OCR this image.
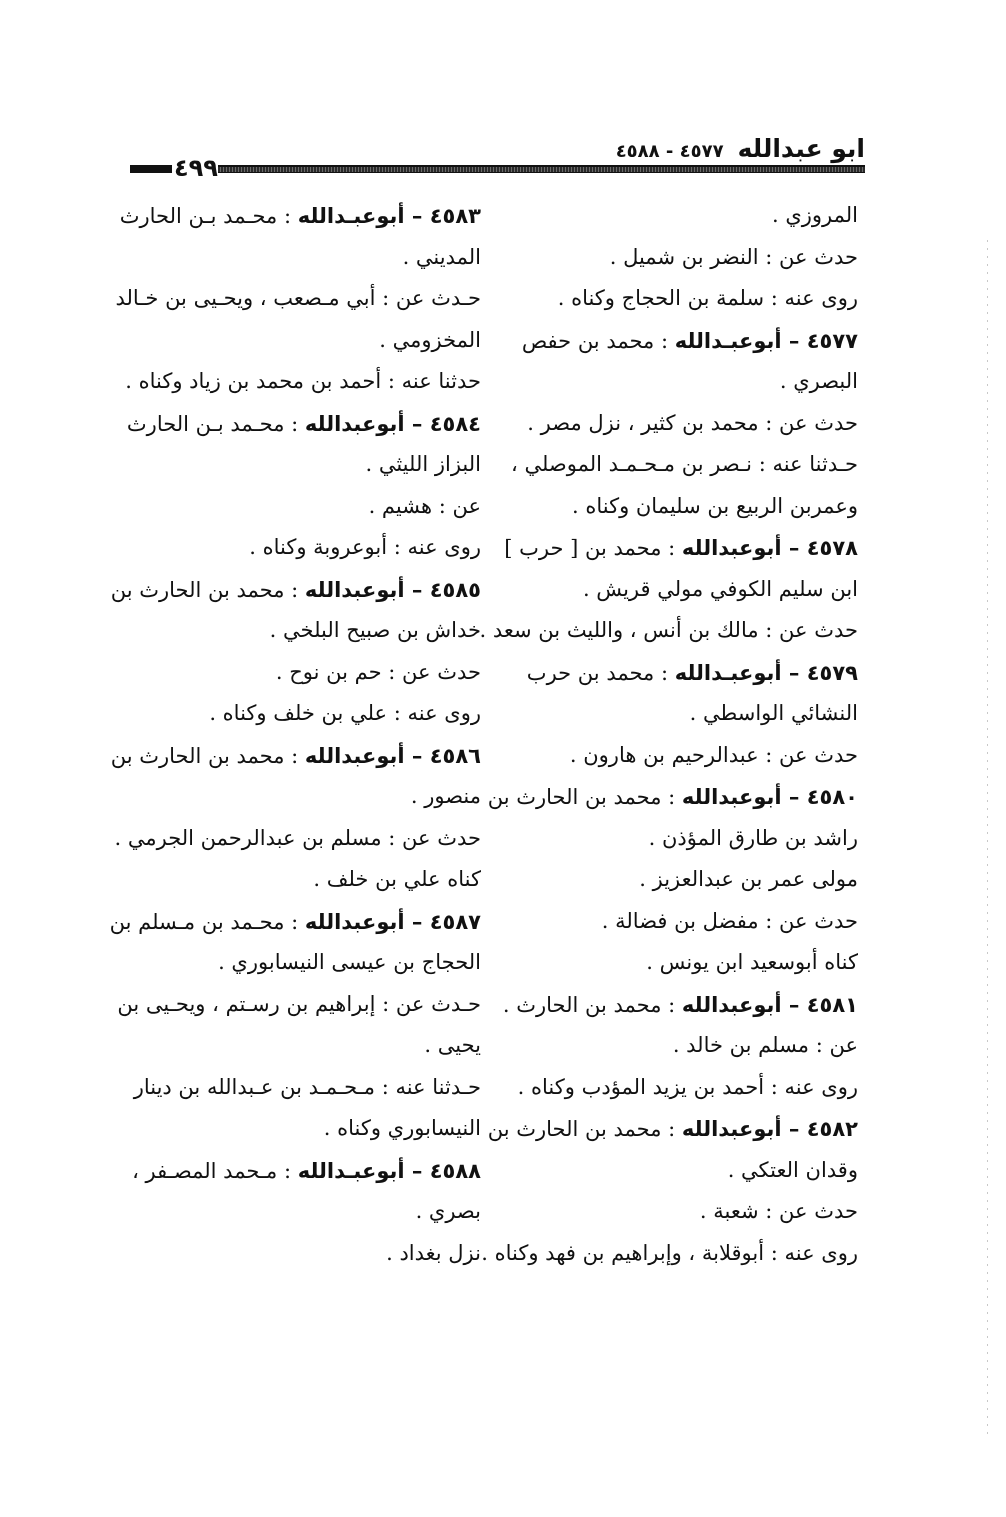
ابو عبدالله
٤٥٧٧ - ٤٥٨٨
٤٩٩
المروزي .
حدث عن : النضر بن شميل .
روى عنه : سلمة بن الحجاج وكناه .
٤٥٧٧ – أبوعبـدالله : محمد بن حفص
البصري .
حدث عن : محمد بن كثير ، نزل مصر .
حـدثنا عنه : نـصر بن مـحـمـد الموصلي ،
وعمربن الربيع بن سليمان وكناه .
٤٥٧٨ – أبوعبدالله : محمد بن [ حرب ]
ابن سليم الكوفي مولي قريش .
حدث عن : مالك بن أنس ، والليث بن سعد .
٤٥٧٩ – أبوعبـدالله : محمد بن حرب
النشائي الواسطي .
حدث عن : عبدالرحيم بن هارون .
٤٥٨٠ – أبوعبدالله : محمد بن الحارث بن
راشد بن طارق المؤذن .
مولى عمر بن عبدالعزيز .
حدث عن : مفضل بن فضالة .
كناه أبوسعيد ابن يونس .
٤٥٨١ – أبوعبدالله : محمد بن الحارث .
عن : مسلم بن خالد .
روى عنه : أحمد بن يزيد المؤدب وكناه .
٤٥٨٢ – أبوعبدالله : محمد بن الحارث بن
وقدان العتكي .
حدث عن : شعبة .
روى عنه : أبوقلابة ، وإبراهيم بن فهد وكناه .
٤٥٨٣ – أبوعبـدالله : محـمد بـن الحارث
المديني .
حـدث عن : أبي مـصعب ، ويحـيى بن خـالد
المخزومي .
حدثنا عنه : أحمد بن محمد بن زياد وكناه .
٤٥٨٤ – أبوعبدالله : محـمد بـن الحارث
البزاز الليثي .
عن : هشيم .
روى عنه : أبوعروبة وكناه .
٤٥٨٥ – أبوعبدالله : محمد بن الحارث بن
خداش بن صبيح البلخي .
حدث عن : حم بن نوح .
روى عنه : علي بن خلف وكناه .
٤٥٨٦ – أبوعبدالله : محمد بن الحارث بن
منصور .
حدث عن : مسلم بن عبدالرحمن الجرمي .
كناه علي بن خلف .
٤٥٨٧ – أبوعبدالله : محـمد بن مـسلم بن
الحجاج بن عيسى النيسابوري .
حـدث عن : إبراهيم بن رسـتم ، ويحـيى بن
يحيى .
حـدثنا عنه : مـحـمـد بن عـبدالله بن دينار
النيسابوري وكناه .
٤٥٨٨ – أبوعبـدالله : مـحمد المصـفر ،
بصري .
نزل بغداد .
